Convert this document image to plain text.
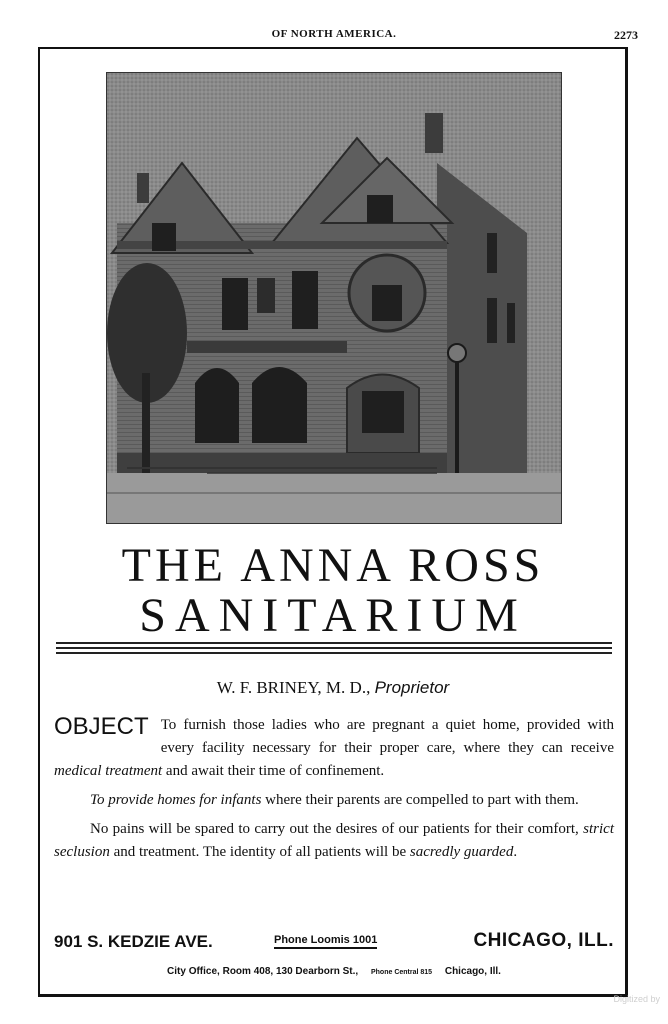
OF NORTH AMERICA.	2273
THE ANNA ROSS
SANITARIUM
W. F. BRINEY, M. D., Proprietor

OBJECT To furnish those ladies who are pregnant a quiet home, provided with every facility necessary for their proper care, where they can receive medical treatment and await their time of confinement.

To provide homes for infants where their parents are compelled to part with them.

No pains will be spared to carry out the desires of our patients for their comfort, strict seclusion and treatment. The identity of all patients will be sacredly guarded.

901 S. KEDZIE AVE.	Phone Loomis 1001	CHICAGO, ILL.
City Office, Room 408, 130 Dearborn St., Phone Central 815 Chicago, Ill.
Digitized by
